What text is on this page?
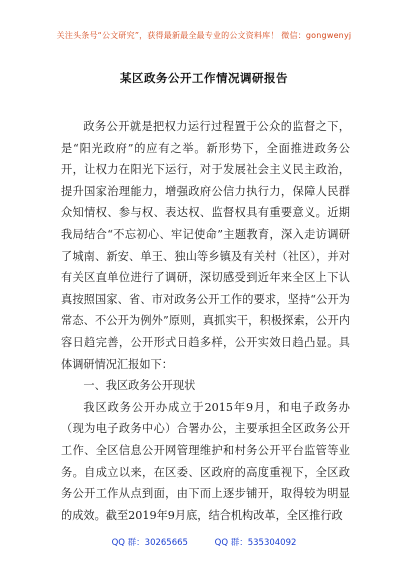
关注头条号“公文研究”，获得最新最全最专业的公文资料库！ 微信：gongwenyj
某区政务公开工作情况调研报告

政务公开就是把权力运行过程置于公众的监督之下，是“阳光政府”的应有之举。新形势下，全面推进政务公开，让权力在阳光下运行，对于发展社会主义民主政治，提升国家治理能力，增强政府公信力执行力，保障人民群众知情权、参与权、表达权、监督权具有重要意义。近期我局结合“不忘初心、牢记使命”主题教育，深入走访调研了城南、新安、单王、独山等乡镇及有关村（社区），并对有关区直单位进行了调研，深切感受到近年来全区上下认真按照国家、省、市对政务公开工作的要求，坚持“公开为常态、不公开为例外”原则，真抓实干，积极探索，公开内容日趋完善，公开形式日趋多样，公开实效日趋凸显。具体调研情况汇报如下：

一、我区政务公开现状

我区政务公开办成立于2015年9月，和电子政务办（现为电子政务中心）合署办公，主要承担全区政务公开工作、全区信息公开网管理维护和村务公开平台监管等业务。自成立以来，在区委、区政府的高度重视下，全区政务公开工作从点到面，由下而上逐步铺开，取得较为明显的成效。截至2019年9月底，结合机构改革，全区推行政

QQ 群：30265665	QQ 群：535304092
